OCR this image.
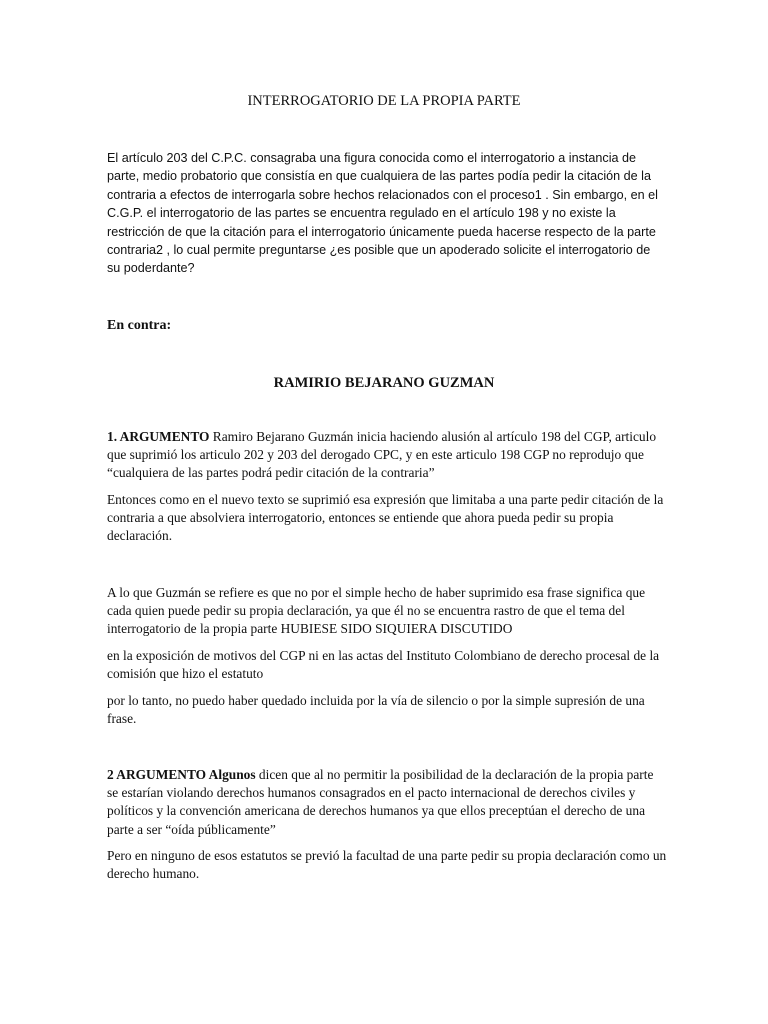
INTERROGATORIO DE LA PROPIA PARTE
El artículo 203 del C.P.C. consagraba una figura conocida como el interrogatorio a instancia de parte, medio probatorio que consistía en que cualquiera de las partes podía pedir la citación de la contraria a efectos de interrogarla sobre hechos relacionados con el proceso1 . Sin embargo, en el C.G.P. el interrogatorio de las partes se encuentra regulado en el artículo 198 y no existe la restricción de que la citación para el interrogatorio únicamente pueda hacerse respecto de la parte contraria2 , lo cual permite preguntarse ¿es posible que un apoderado solicite el interrogatorio de su poderdante?
En contra:
RAMIRIO BEJARANO GUZMAN
1. ARGUMENTO Ramiro Bejarano Guzmán inicia haciendo alusión al artículo 198 del CGP, articulo que suprimió los articulo 202 y 203 del derogado CPC, y en este articulo 198 CGP no reprodujo que “cualquiera de las partes podrá pedir citación de la contraria”
Entonces como en el nuevo texto se suprimió esa expresión que limitaba a una parte pedir citación de la contraria a que absolviera interrogatorio, entonces se entiende que ahora pueda pedir su propia declaración.
A lo que Guzmán se refiere es que no por el simple hecho de haber suprimido esa frase significa que cada quien puede pedir su propia declaración, ya que él no se encuentra rastro de que el tema del interrogatorio de la propia parte HUBIESE SIDO SIQUIERA DISCUTIDO
en la exposición de motivos del CGP ni en las actas del Instituto Colombiano de derecho procesal de la comisión que hizo el estatuto
por lo tanto, no puedo haber quedado incluida por la vía de silencio o por la simple supresión de una frase.
2 ARGUMENTO Algunos dicen que al no permitir la posibilidad de la declaración de la propia parte se estarían violando derechos humanos consagrados en el pacto internacional de derechos civiles y políticos y la convención americana de derechos humanos ya que ellos preceptúan el derecho de una parte a ser “oída públicamente”
Pero en ninguno de esos estatutos se previó la facultad de una parte pedir su propia declaración como un derecho humano.
